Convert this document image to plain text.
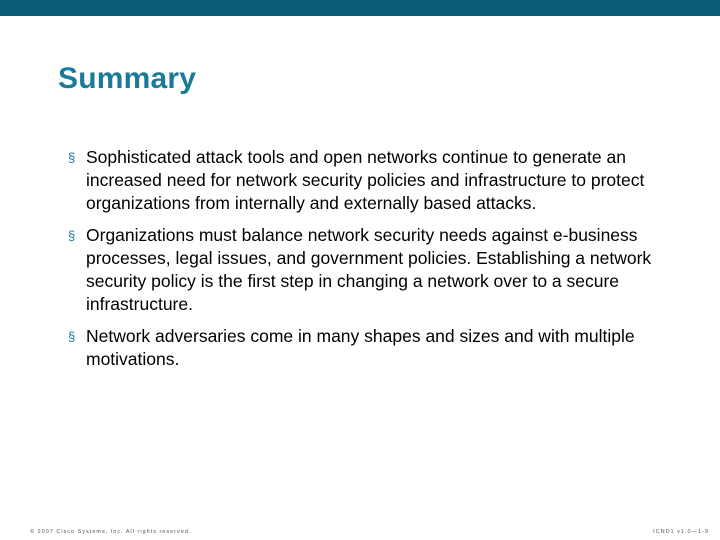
Summary
§ Sophisticated attack tools and open networks continue to generate an increased need for network security policies and infrastructure to protect organizations from internally and externally based attacks.
§ Organizations must balance network security needs against e-business processes, legal issues, and government policies. Establishing a network security policy is the first step in changing a network over to a secure infrastructure.
§ Network adversaries come in many shapes and sizes and with multiple motivations.
© 2007 Cisco Systems, Inc. All rights reserved.	ICND1 v1.0—1-9
